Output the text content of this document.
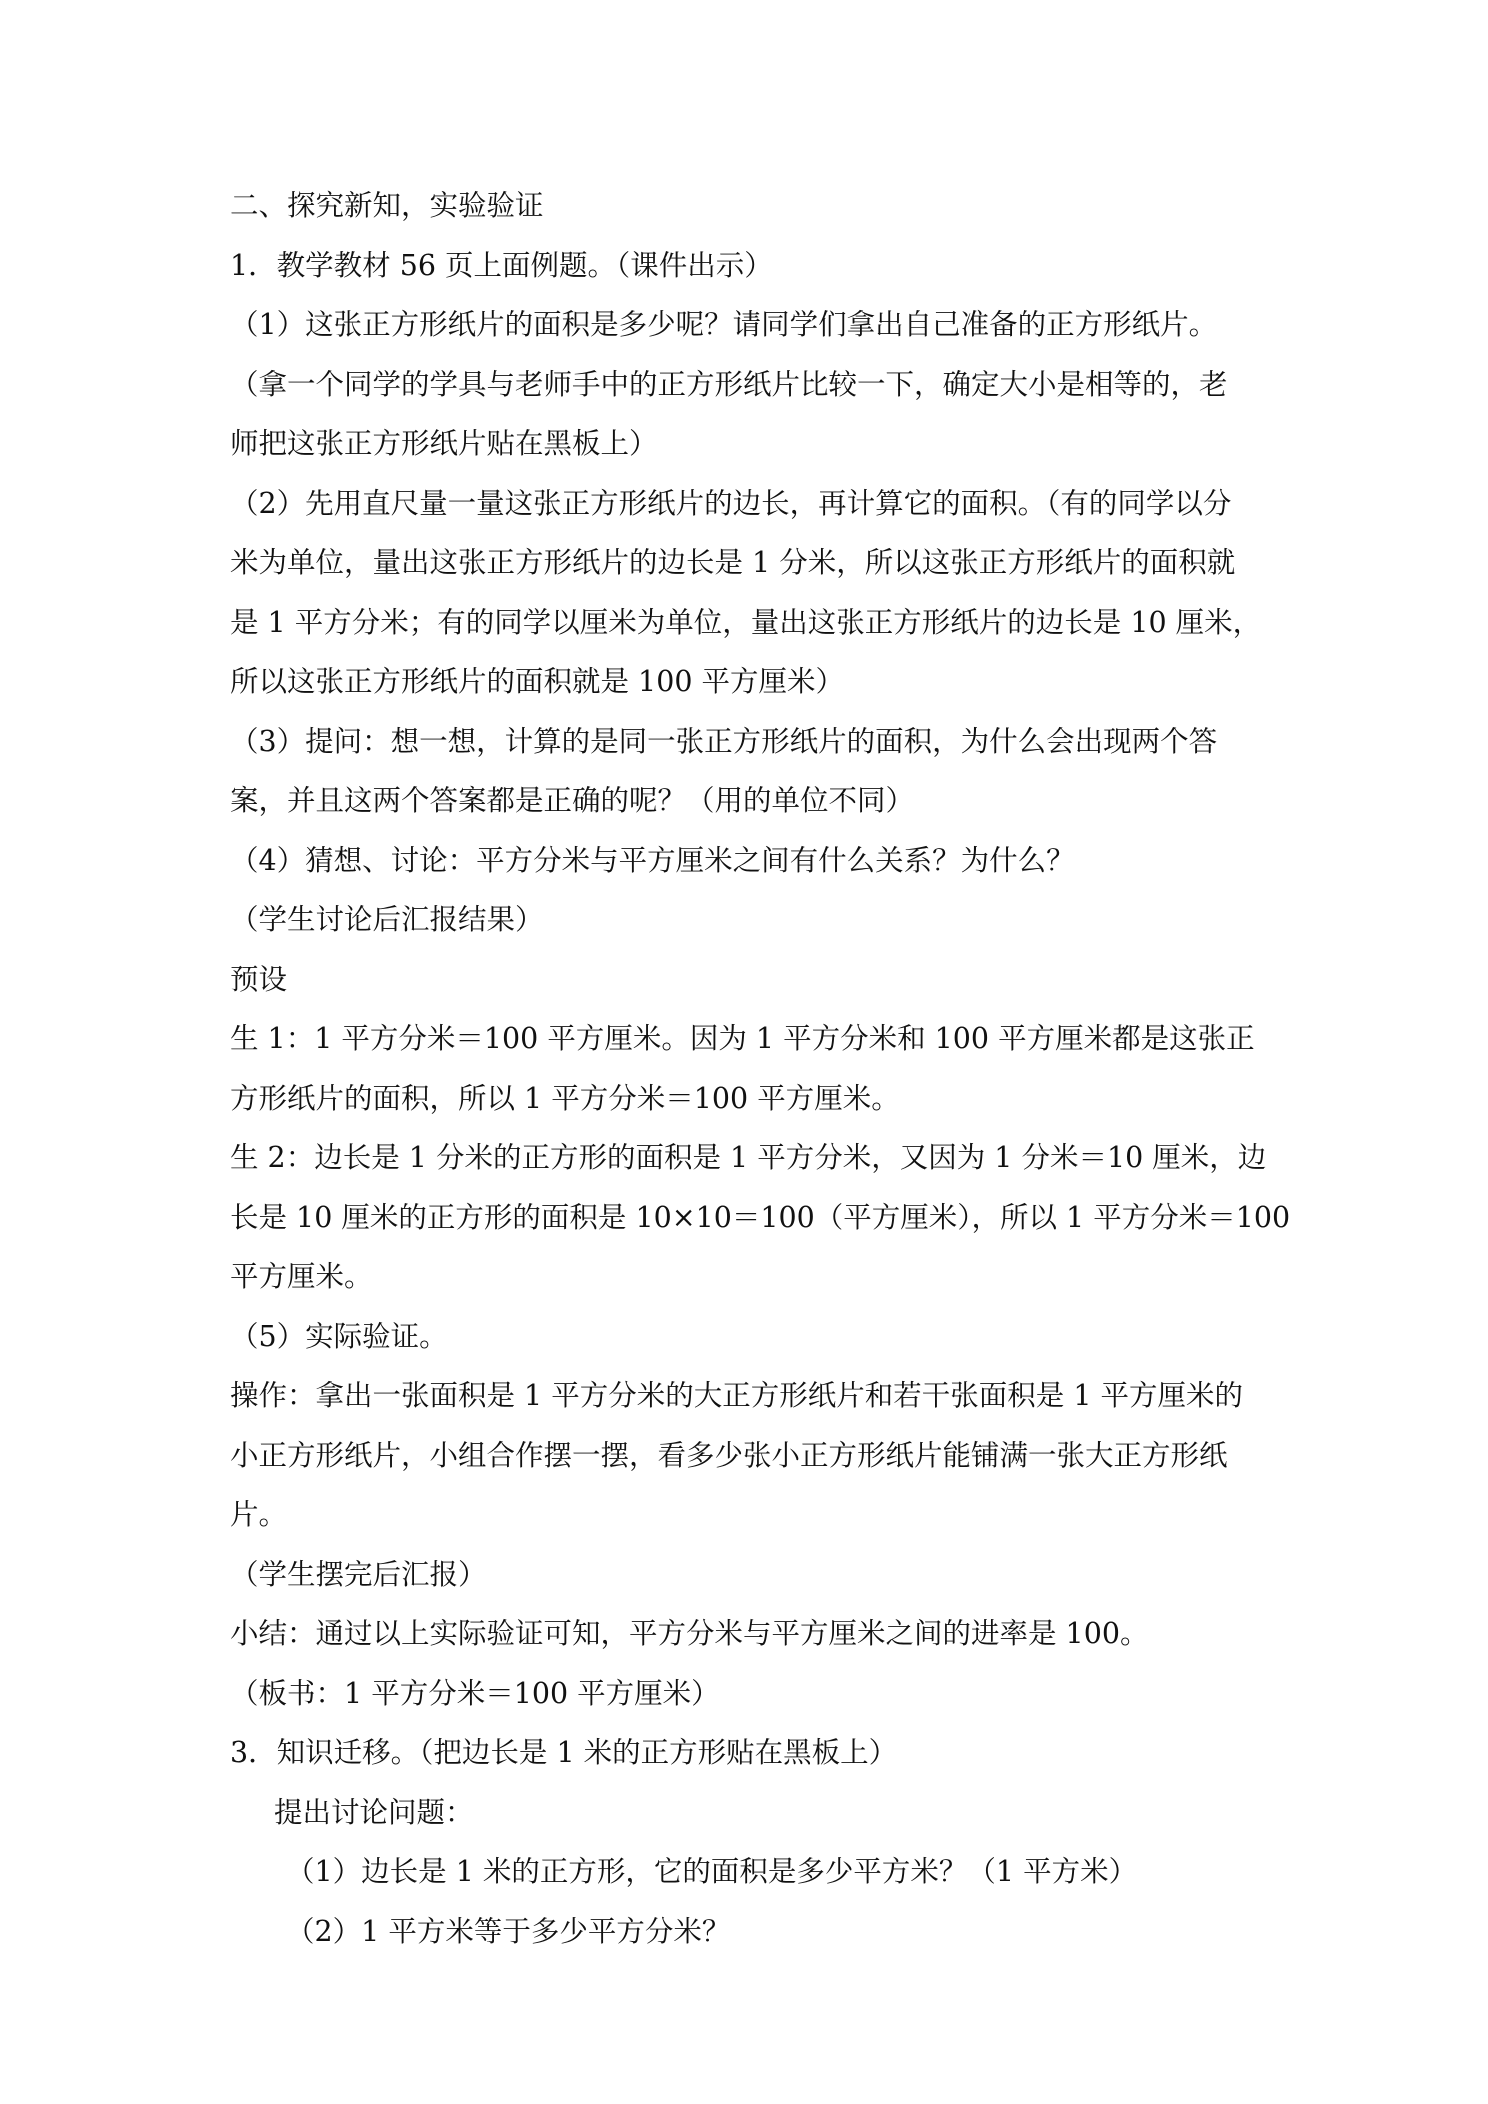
二、探究新知，实验验证
1．教学教材 56 页上面例题。（课件出示）
（1）这张正方形纸片的面积是多少呢？请同学们拿出自己准备的正方形纸片。
（拿一个同学的学具与老师手中的正方形纸片比较一下，确定大小是相等的，老
师把这张正方形纸片贴在黑板上）
（2）先用直尺量一量这张正方形纸片的边长，再计算它的面积。（有的同学以分
米为单位，量出这张正方形纸片的边长是 1 分米，所以这张正方形纸片的面积就
是 1 平方分米；有的同学以厘米为单位，量出这张正方形纸片的边长是 10 厘米，
所以这张正方形纸片的面积就是 100 平方厘米）
（3）提问：想一想，计算的是同一张正方形纸片的面积，为什么会出现两个答
案，并且这两个答案都是正确的呢？（用的单位不同）
（4）猜想、讨论：平方分米与平方厘米之间有什么关系？为什么？
（学生讨论后汇报结果）
预设
生 1：1 平方分米＝100 平方厘米。因为 1 平方分米和 100 平方厘米都是这张正
方形纸片的面积，所以 1 平方分米＝100 平方厘米。
生 2：边长是 1 分米的正方形的面积是 1 平方分米，又因为 1 分米＝10 厘米，边
长是 10 厘米的正方形的面积是 10×10＝100（平方厘米），所以 1 平方分米＝100
平方厘米。
（5）实际验证。
操作：拿出一张面积是 1 平方分米的大正方形纸片和若干张面积是 1 平方厘米的
小正方形纸片，小组合作摆一摆，看多少张小正方形纸片能铺满一张大正方形纸
片。
（学生摆完后汇报）
小结：通过以上实际验证可知，平方分米与平方厘米之间的进率是 100。
（板书：1 平方分米＝100 平方厘米）
3．知识迁移。（把边长是 1 米的正方形贴在黑板上）
提出讨论问题：
（1）边长是 1 米的正方形，它的面积是多少平方米？（1 平方米）
（2）1 平方米等于多少平方分米？
